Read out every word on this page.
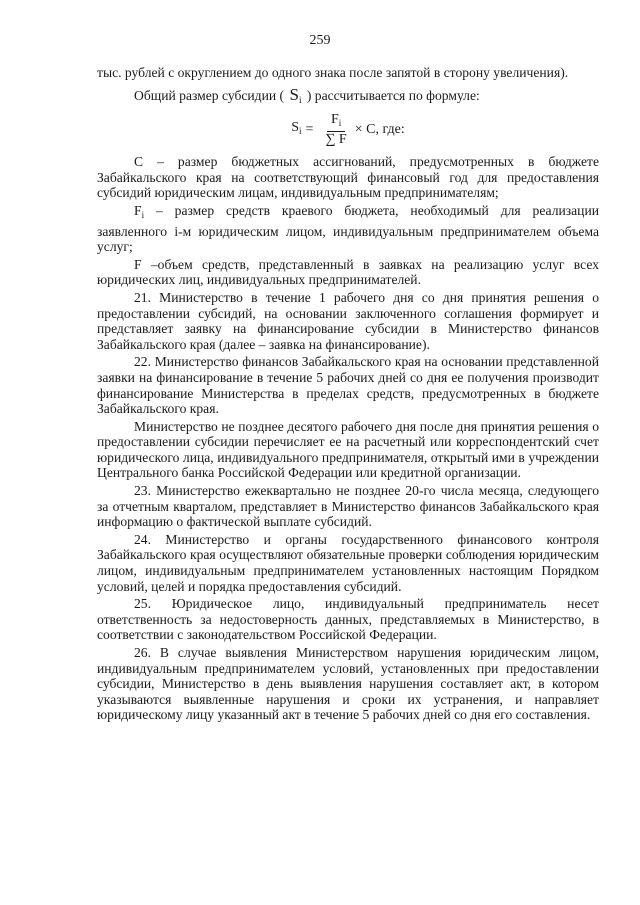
259

тыс. рублей с округлением до одного знака после запятой в сторону увеличения).

Общий размер субсидии ( $S_i$ ) рассчитывается по формуле:

$S_i = \frac{F_i}{\sum F} \times C$, где:

C – размер бюджетных ассигнований, предусмотренных в бюджете Забайкальского края на соответствующий финансовый год для предоставления субсидий юридическим лицам, индивидуальным предпринимателям;

$F_i$ – размер средств краевого бюджета, необходимый для реализации заявленного i-м юридическим лицом, индивидуальным предпринимателем объема услуг;

F –объем средств, представленный в заявках на реализацию услуг всех юридических лиц, индивидуальных предпринимателей.

21. Министерство в течение 1 рабочего дня со дня принятия решения о предоставлении субсидий, на основании заключенного соглашения формирует и представляет заявку на финансирование субсидии в Министерство финансов Забайкальского края (далее – заявка на финансирование).

22. Министерство финансов Забайкальского края на основании представленной заявки на финансирование в течение 5 рабочих дней со дня ее получения производит финансирование Министерства в пределах средств, предусмотренных в бюджете Забайкальского края.

Министерство не позднее десятого рабочего дня после дня принятия решения о предоставлении субсидии перечисляет ее на расчетный или корреспондентский счет юридического лица, индивидуального предпринимателя, открытый ими в учреждении Центрального банка Российской Федерации или кредитной организации.

23. Министерство ежеквартально не позднее 20-го числа месяца, следующего за отчетным кварталом, представляет в Министерство финансов Забайкальского края информацию о фактической выплате субсидий.

24. Министерство и органы государственного финансового контроля Забайкальского края осуществляют обязательные проверки соблюдения юридическим лицом, индивидуальным предпринимателем установленных настоящим Порядком условий, целей и порядка предоставления субсидий.

25. Юридическое лицо, индивидуальный предприниматель несет ответственность за недостоверность данных, представляемых в Министерство, в соответствии с законодательством Российской Федерации.

26. В случае выявления Министерством нарушения юридическим лицом, индивидуальным предпринимателем условий, установленных при предоставлении субсидии, Министерство в день выявления нарушения составляет акт, в котором указываются выявленные нарушения и сроки их устранения, и направляет юридическому лицу указанный акт в течение 5 рабочих дней со дня его составления.
